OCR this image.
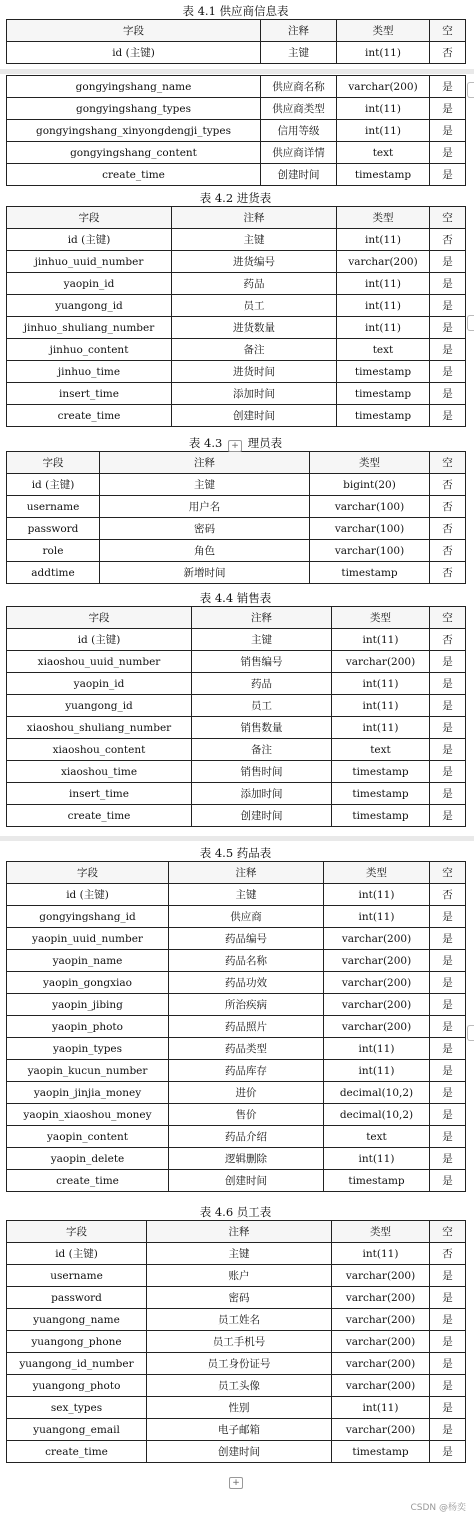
表 4.1 供应商信息表
字段	注释	类型	空
id (主键)	主键	int(11)	否
gongyingshang_name	供应商名称	varchar(200)	是
gongyingshang_types	供应商类型	int(11)	是
gongyingshang_xinyongdengji_types	信用等级	int(11)	是
gongyingshang_content	供应商详情	text	是
create_time	创建时间	timestamp	是
表 4.2 进货表
字段	注释	类型	空
id (主键)	主键	int(11)	否
jinhuo_uuid_number	进货编号	varchar(200)	是
yaopin_id	药品	int(11)	是
yuangong_id	员工	int(11)	是
jinhuo_shuliang_number	进货数量	int(11)	是
jinhuo_content	备注	text	是
jinhuo_time	进货时间	timestamp	是
insert_time	添加时间	timestamp	是
create_time	创建时间	timestamp	是
表 4.3 + 理员表
字段	注释	类型	空
id (主键)	主键	bigint(20)	否
username	用户名	varchar(100)	否
password	密码	varchar(100)	否
role	角色	varchar(100)	否
addtime	新增时间	timestamp	否
表 4.4 销售表
字段	注释	类型	空
id (主键)	主键	int(11)	否
xiaoshou_uuid_number	销售编号	varchar(200)	是
yaopin_id	药品	int(11)	是
yuangong_id	员工	int(11)	是
xiaoshou_shuliang_number	销售数量	int(11)	是
xiaoshou_content	备注	text	是
xiaoshou_time	销售时间	timestamp	是
insert_time	添加时间	timestamp	是
create_time	创建时间	timestamp	是
表 4.5 药品表
字段	注释	类型	空
id (主键)	主键	int(11)	否
gongyingshang_id	供应商	int(11)	是
yaopin_uuid_number	药品编号	varchar(200)	是
yaopin_name	药品名称	varchar(200)	是
yaopin_gongxiao	药品功效	varchar(200)	是
yaopin_jibing	所治疾病	varchar(200)	是
yaopin_photo	药品照片	varchar(200)	是
yaopin_types	药品类型	int(11)	是
yaopin_kucun_number	药品库存	int(11)	是
yaopin_jinjia_money	进价	decimal(10,2)	是
yaopin_xiaoshou_money	售价	decimal(10,2)	是
yaopin_content	药品介绍	text	是
yaopin_delete	逻辑删除	int(11)	是
create_time	创建时间	timestamp	是
表 4.6 员工表
字段	注释	类型	空
id (主键)	主键	int(11)	否
username	账户	varchar(200)	是
password	密码	varchar(200)	是
yuangong_name	员工姓名	varchar(200)	是
yuangong_phone	员工手机号	varchar(200)	是
yuangong_id_number	员工身份证号	varchar(200)	是
yuangong_photo	员工头像	varchar(200)	是
sex_types	性别	int(11)	是
yuangong_email	电子邮箱	varchar(200)	是
create_time	创建时间	timestamp	是
+
CSDN @杨奕
